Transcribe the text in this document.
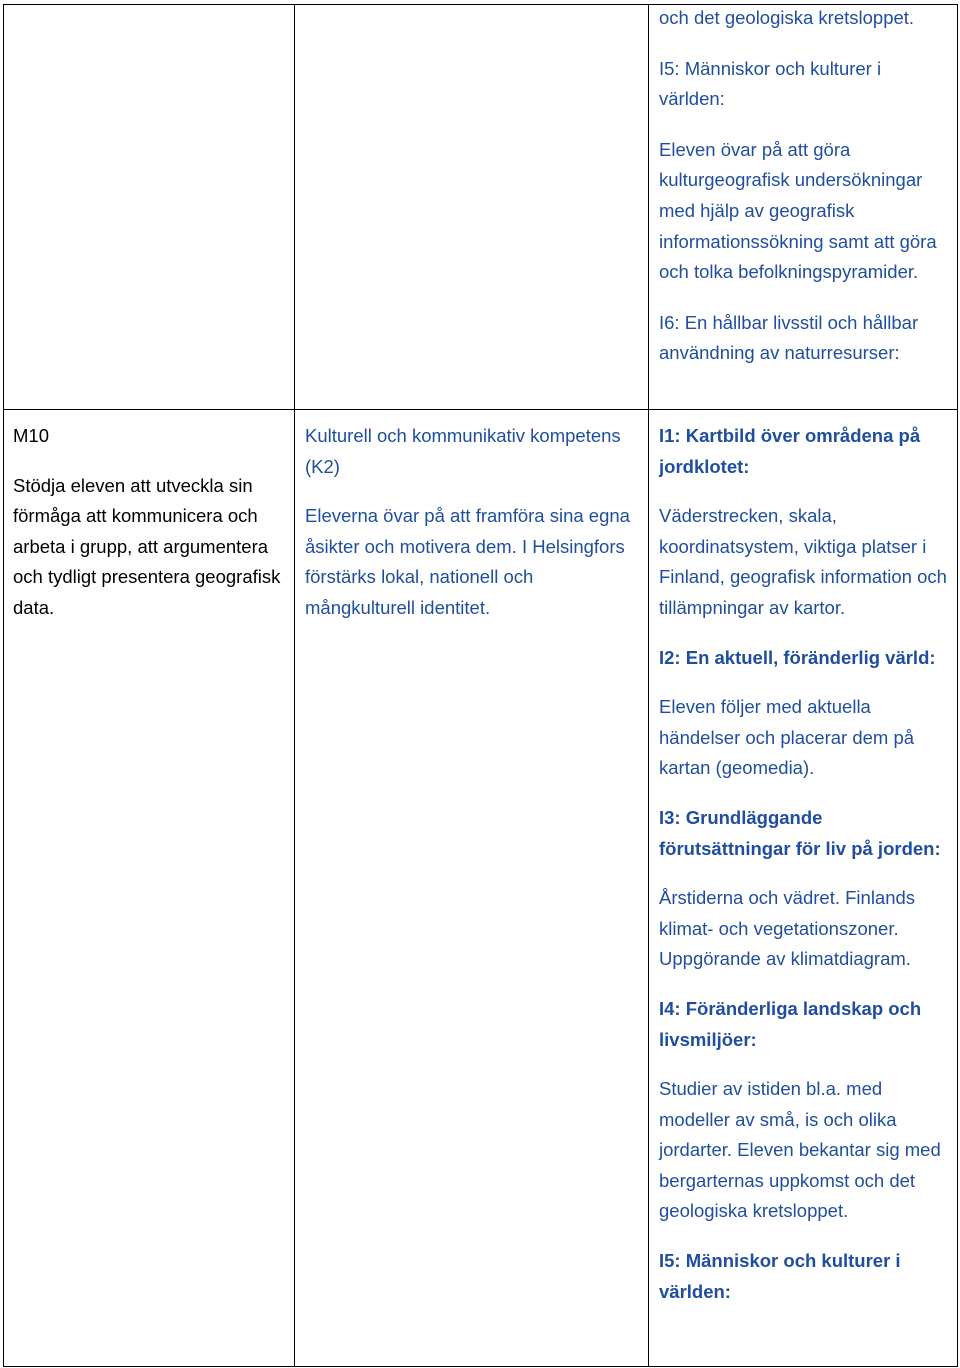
och det geologiska kretsloppet.

I5: Människor och kulturer i världen:

Eleven övar på att göra kulturgeografisk undersökningar med hjälp av geografisk informationssökning samt att göra och tolka befolkningspyramider.

I6: En hållbar livsstil och hållbar användning av naturresurser:

M10

Stödja eleven att utveckla sin förmåga att kommunicera och arbeta i grupp, att argumentera och tydligt presentera geografisk data.

Kulturell och kommunikativ kompetens (K2)

Eleverna övar på att framföra sina egna åsikter och motivera dem. I Helsingfors förstärks lokal, nationell och mångkulturell identitet.

I1: Kartbild över områdena på jordklotet:

Väderstrecken, skala, koordinatsystem, viktiga platser i Finland, geografisk information och tillämpningar av kartor.

I2: En aktuell, föränderlig värld:

Eleven följer med aktuella händelser och placerar dem på kartan (geomedia).

I3: Grundläggande förutsättningar för liv på jorden:

Årstiderna och vädret. Finlands klimat- och vegetationszoner. Uppgörande av klimatdiagram.

I4: Föränderliga landskap och livsmiljöer:

Studier av istiden bl.a. med modeller av små, is och olika jordarter. Eleven bekantar sig med bergarternas uppkomst och det geologiska kretsloppet.

I5: Människor och kulturer i världen:
